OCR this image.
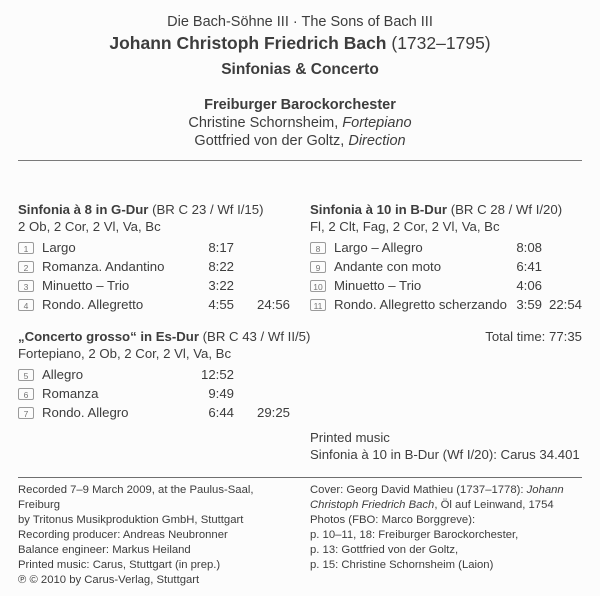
Die Bach-Söhne III · The Sons of Bach III
Johann Christoph Friedrich Bach (1732–1795)
Sinfonias & Concerto
Freiburger Barockorchester
Christine Schornsheim, Fortepiano
Gottfried von der Goltz, Direction
Sinfonia à 8 in G-Dur (BR C 23 / Wf I/15)
2 Ob, 2 Cor, 2 Vl, Va, Bc
1	Largo	8:17
2	Romanza. Andantino	8:22
3	Minuetto – Trio	3:22
4	Rondo. Allegretto	4:55 24:56
„Concerto grosso“ in Es-Dur (BR C 43 / Wf II/5)
Fortepiano, 2 Ob, 2 Cor, 2 Vl, Va, Bc
5	Allegro	12:52
6	Romanza	9:49
7	Rondo. Allegro	6:44 29:25
Sinfonia à 10 in B-Dur (BR C 28 / Wf I/20)
Fl, 2 Clt, Fag, 2 Cor, 2 Vl, Va, Bc
8	Largo – Allegro	8:08
9	Andante con moto	6:41
10 Minuetto – Trio	4:06
11 Rondo. Allegretto scherzando 3:59 22:54
Total time: 77:35
Printed music
Sinfonia à 10 in B-Dur (Wf I/20): Carus 34.401
Recorded 7–9 March 2009, at the Paulus-Saal, Freiburg
by Tritonus Musikproduktion GmbH, Stuttgart
Recording producer: Andreas Neubronner
Balance engineer: Markus Heiland
Printed music: Carus, Stuttgart (in prep.)
℗ © 2010 by Carus-Verlag, Stuttgart
Cover: Georg David Mathieu (1737–1778): Johann Christoph Friedrich Bach, Öl auf Leinwand, 1754
Photos (FBO: Marco Borggreve):
p. 10–11, 18: Freiburger Barockorchester,
p. 13: Gottfried von der Goltz,
p. 15: Christine Schornsheim (Laion)
